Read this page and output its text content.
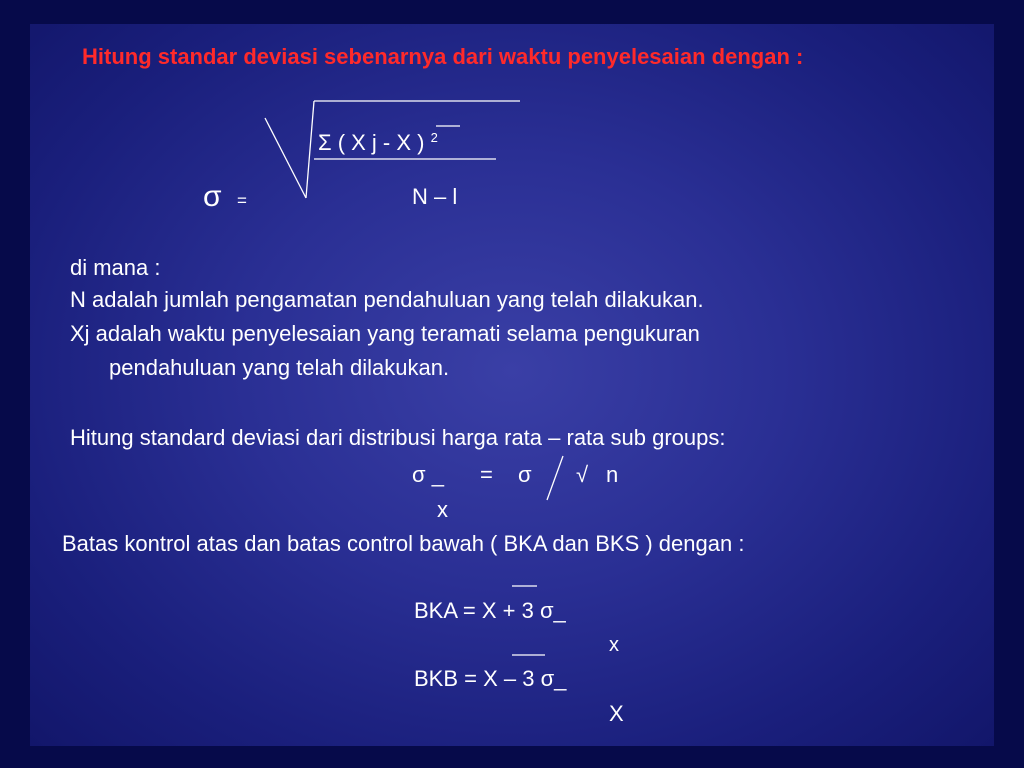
Hitung standar deviasi sebenarnya dari waktu penyelesaian dengan :
Σ ( X j - X ) $^2$
σ =	N – l
di mana :
N adalah jumlah pengamatan pendahuluan yang telah dilakukan.
Xj adalah waktu penyelesaian yang teramati selama pengukuran
pendahuluan yang telah dilakukan.
Hitung standard deviasi dari distribusi harga rata – rata sub groups:
σ _ = σ √ n
x
Batas kontrol atas dan batas control bawah ( BKA dan BKS ) dengan :
BKA = X + 3 σ_
x
BKB = X – 3 σ_
X
